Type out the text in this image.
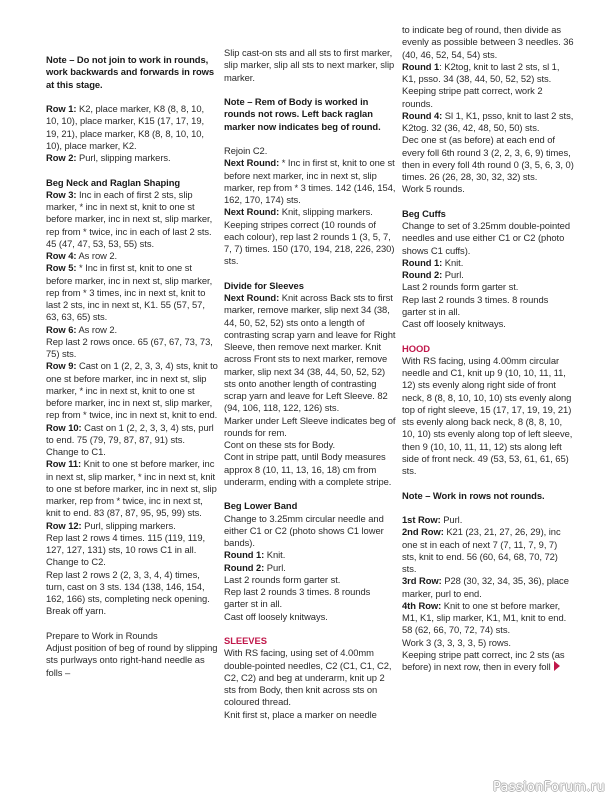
Note – Do not join to work in rounds, work backwards and forwards in rows at this stage.
Row 1: K2, place marker, K8 (8, 8, 10, 10, 10), place marker, K15 (17, 17, 19, 19, 21), place marker, K8 (8, 8, 10, 10, 10), place marker, K2.
Row 2: Purl, slipping markers.
Beg Neck and Raglan Shaping
Row 3: Inc in each of first 2 sts, slip marker, * inc in next st, knit to one st before marker, inc in next st, slip marker, rep from * twice, inc in each of last 2 sts. 45 (47, 47, 53, 53, 55) sts.
Row 4: As row 2.
Row 5: * Inc in first st, knit to one st before marker, inc in next st, slip marker, rep from * 3 times, inc in next st, knit to last 2 sts, inc in next st, K1. 55 (57, 57, 63, 63, 65) sts.
Row 6: As row 2.
Rep last 2 rows once. 65 (67, 67, 73, 73, 75) sts.
Row 9: Cast on 1 (2, 2, 3, 3, 4) sts, knit to one st before marker, inc in next st, slip marker, * inc in next st, knit to one st before marker, inc in next st, slip marker, rep from * twice, inc in next st, knit to end.
Row 10: Cast on 1 (2, 2, 3, 3, 4) sts, purl to end. 75 (79, 79, 87, 87, 91) sts.
Change to C1.
Row 11: Knit to one st before marker, inc in next st, slip marker, * inc in next st, knit to one st before marker, inc in next st, slip marker, rep from * twice, inc in next st, knit to end. 83 (87, 87, 95, 95, 99) sts.
Row 12: Purl, slipping markers.
Rep last 2 rows 4 times. 115 (119, 119, 127, 127, 131) sts, 10 rows C1 in all.
Change to C2.
Rep last 2 rows 2 (2, 3, 3, 4, 4) times, turn, cast on 3 sts. 134 (138, 146, 154, 162, 166) sts, completing neck opening.
Break off yarn.
Prepare to Work in Rounds
Adjust position of beg of round by slipping sts purlways onto right-hand needle as folls –
Slip cast-on sts and all sts to first marker, slip marker, slip all sts to next marker, slip marker.
Note – Rem of Body is worked in rounds not rows. Left back raglan marker now indicates beg of round.
Rejoin C2.
Next Round: * Inc in first st, knit to one st before next marker, inc in next st, slip marker, rep from * 3 times. 142 (146, 154, 162, 170, 174) sts.
Next Round: Knit, slipping markers.
Keeping stripes correct (10 rounds of each colour), rep last 2 rounds 1 (3, 5, 7, 7, 7) times. 150 (170, 194, 218, 226, 230) sts.
Divide for Sleeves
Next Round: Knit across Back sts to first marker, remove marker, slip next 34 (38, 44, 50, 52, 52) sts onto a length of contrasting scrap yarn and leave for Right Sleeve, then remove next marker. Knit across Front sts to next marker, remove marker, slip next 34 (38, 44, 50, 52, 52) sts onto another length of contrasting scrap yarn and leave for Left Sleeve. 82 (94, 106, 118, 122, 126) sts.
Marker under Left Sleeve indicates beg of rounds for rem.
Cont on these sts for Body.
Cont in stripe patt, until Body measures approx 8 (10, 11, 13, 16, 18) cm from underarm, ending with a complete stripe.
Beg Lower Band
Change to 3.25mm circular needle and either C1 or C2 (photo shows C1 lower bands).
Round 1: Knit.
Round 2: Purl.
Last 2 rounds form garter st.
Rep last 2 rounds 3 times. 8 rounds garter st in all.
Cast off loosely knitways.
SLEEVES
With RS facing, using set of 4.00mm double-pointed needles, C2 (C1, C1, C2, C2, C2) and beg at underarm, knit up 2 sts from Body, then knit across sts on coloured thread.
Knit first st, place a marker on needle
to indicate beg of round, then divide as evenly as possible between 3 needles. 36 (40, 46, 52, 54, 54) sts.
Round 1: K2tog, knit to last 2 sts, sl 1, K1, psso. 34 (38, 44, 50, 52, 52) sts.
Keeping stripe patt correct, work 2 rounds.
Round 4: Sl 1, K1, psso, knit to last 2 sts, K2tog. 32 (36, 42, 48, 50, 50) sts.
Dec one st (as before) at each end of every foll 6th round 3 (2, 2, 3, 6, 9) times, then in every foll 4th round 0 (3, 5, 6, 3, 0) times. 26 (26, 28, 30, 32, 32) sts.
Work 5 rounds.
Beg Cuffs
Change to set of 3.25mm double-pointed needles and use either C1 or C2 (photo shows C1 cuffs).
Round 1: Knit.
Round 2: Purl.
Last 2 rounds form garter st.
Rep last 2 rounds 3 times. 8 rounds garter st in all.
Cast off loosely knitways.
HOOD
With RS facing, using 4.00mm circular needle and C1, knit up 9 (10, 10, 11, 11, 12) sts evenly along right side of front neck, 8 (8, 8, 10, 10, 10) sts evenly along top of right sleeve, 15 (17, 17, 19, 19, 21) sts evenly along back neck, 8 (8, 8, 10, 10, 10) sts evenly along top of left sleeve, then 9 (10, 10, 11, 11, 12) sts along left side of front neck. 49 (53, 53, 61, 61, 65) sts.
Note – Work in rows not rounds.
1st Row: Purl.
2nd Row: K21 (23, 21, 27, 26, 29), inc one st in each of next 7 (7, 11, 7, 9, 7) sts, knit to end. 56 (60, 64, 68, 70, 72) sts.
3rd Row: P28 (30, 32, 34, 35, 36), place marker, purl to end.
4th Row: Knit to one st before marker, M1, K1, slip marker, K1, M1, knit to end. 58 (62, 66, 70, 72, 74) sts.
Work 3 (3, 3, 3, 3, 5) rows.
Keeping stripe patt correct, inc 2 sts (as before) in next row, then in every foll
PassionForum.ru
